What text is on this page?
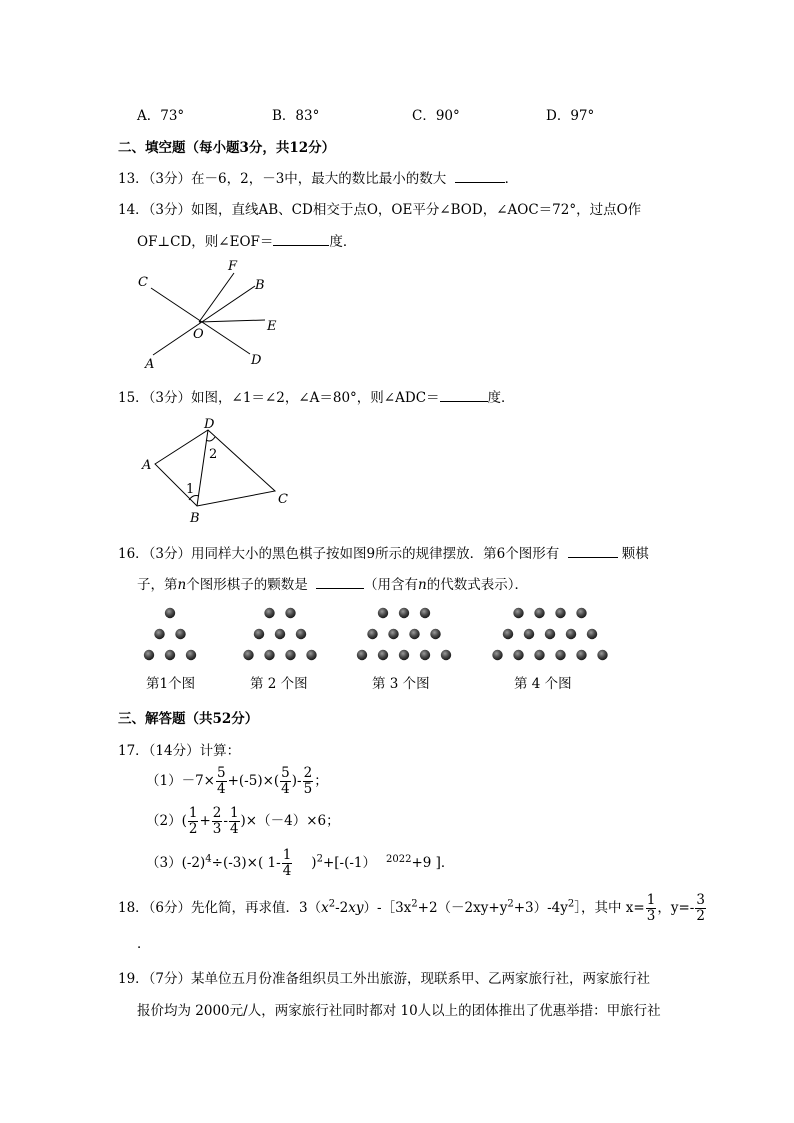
A．73°	B．83°	C．90°	D．97°
二、填空题（每小题3分，共12分）
13．（3分）在－6，2，－3中，最大的数比最小的数大	．
14．（3分）如图，直线AB、CD相交于点O，OE平分∠BOD，∠AOC＝72°，过点O作
OF⊥CD，则∠EOF＝	度．
C
F
B
E
O
A	D
15．（3分）如图，∠1＝∠2，∠A＝80°，则∠ADC＝	度．
D
A
B
C
1
2
16．（3分）用同样大小的黑色棋子按如图9所示的规律摆放．第6个图形有	颗棋
子，第n个图形棋子的颗数是	（用含有n的代数式表示）．
第1个图	第 2 个图	第 3 个图	第 4 个图
三、解答题（共52分）
17．（14分）计算：
$(1)-7\times \frac{5}{4} +(-5)\times( \frac{5}{4}$ )- $\frac{2}{5}$ ；
$(2)( \frac{1}{2} + \frac{2}{3} - \frac{1}{4} )\times(-4)\times 6$；
$(3)(-2)^4\div(-3)\times$( $1- \frac{1}{4} )^2+[-(-1)$ $^{2022}$+9 ]．
18．（6分）先化简，再求值．$3(x^2-2xy)-[3x^2+2(-2xy+y^2+3)-4y^2]$，其中 $x= \frac{1}{3}$ ，$y=- \frac{3}{2}$
．
19．（7分）某单位五月份准备组织员工外出旅游，现联系甲、乙两家旅行社，两家旅行社
报价均为 2000元/人，两家旅行社同时都对 10人以上的团体推出了优惠举措：甲旅行社
